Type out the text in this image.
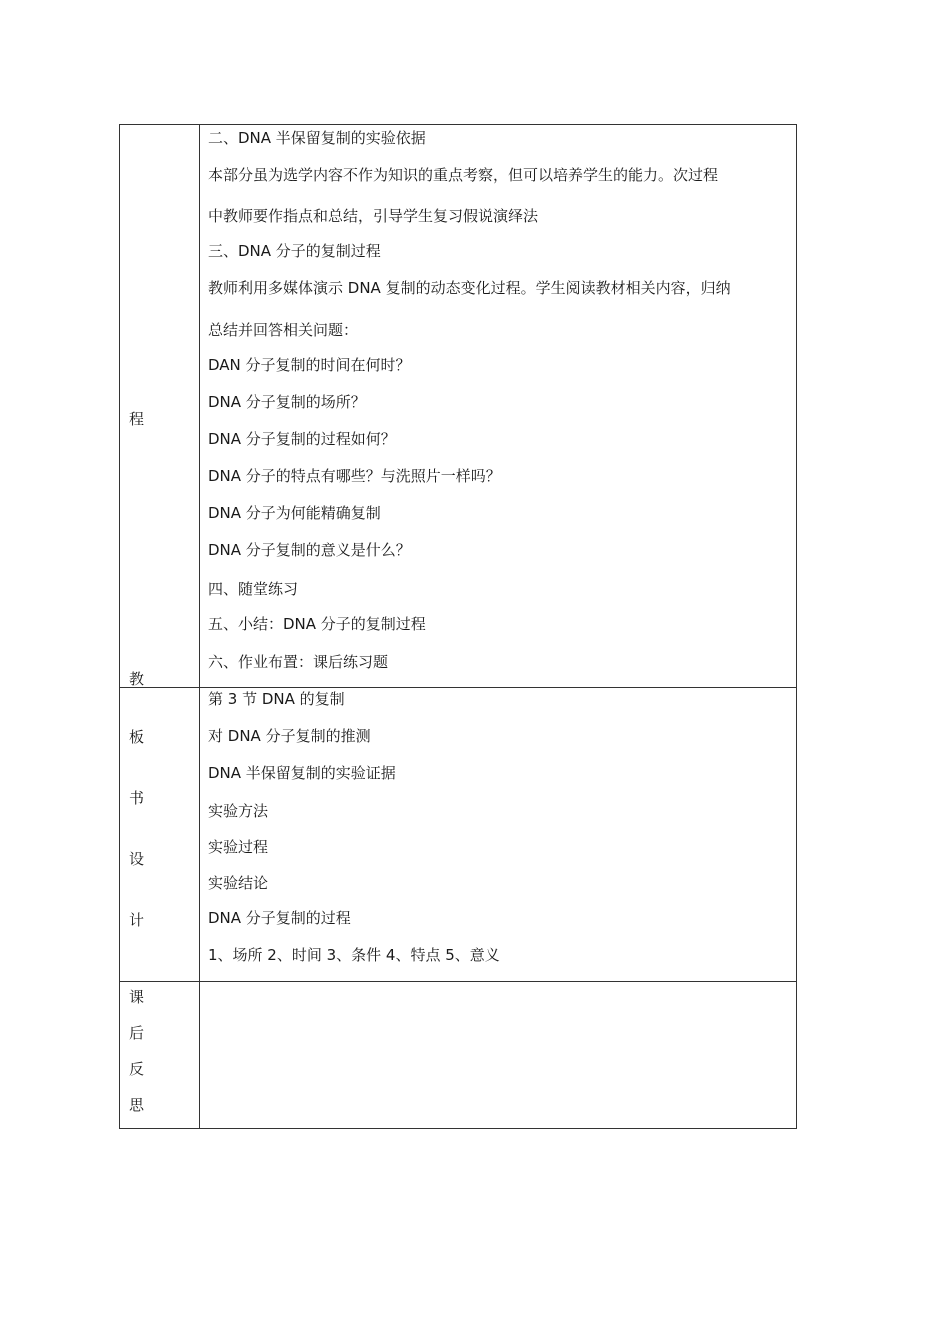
程
教
二、DNA 半保留复制的实验依据
本部分虽为选学内容不作为知识的重点考察，但可以培养学生的能力。次过程
中教师要作指点和总结，引导学生复习假说演绎法
三、DNA 分子的复制过程
教师利用多媒体演示 DNA 复制的动态变化过程。学生阅读教材相关内容，归纳
总结并回答相关问题：
DAN 分子复制的时间在何时？
DNA 分子复制的场所？
DNA 分子复制的过程如何？
DNA 分子的特点有哪些？与洗照片一样吗？
DNA 分子为何能精确复制
DNA 分子复制的意义是什么？
四、随堂练习
五、小结：DNA 分子的复制过程
六、作业布置：课后练习题
板
书
设
计
第 3 节 DNA 的复制
对 DNA 分子复制的推测
DNA 半保留复制的实验证据
实验方法
实验过程
实验结论
DNA 分子复制的过程
1、场所 2、时间 3、条件 4、特点 5、意义
课
后
反
思
